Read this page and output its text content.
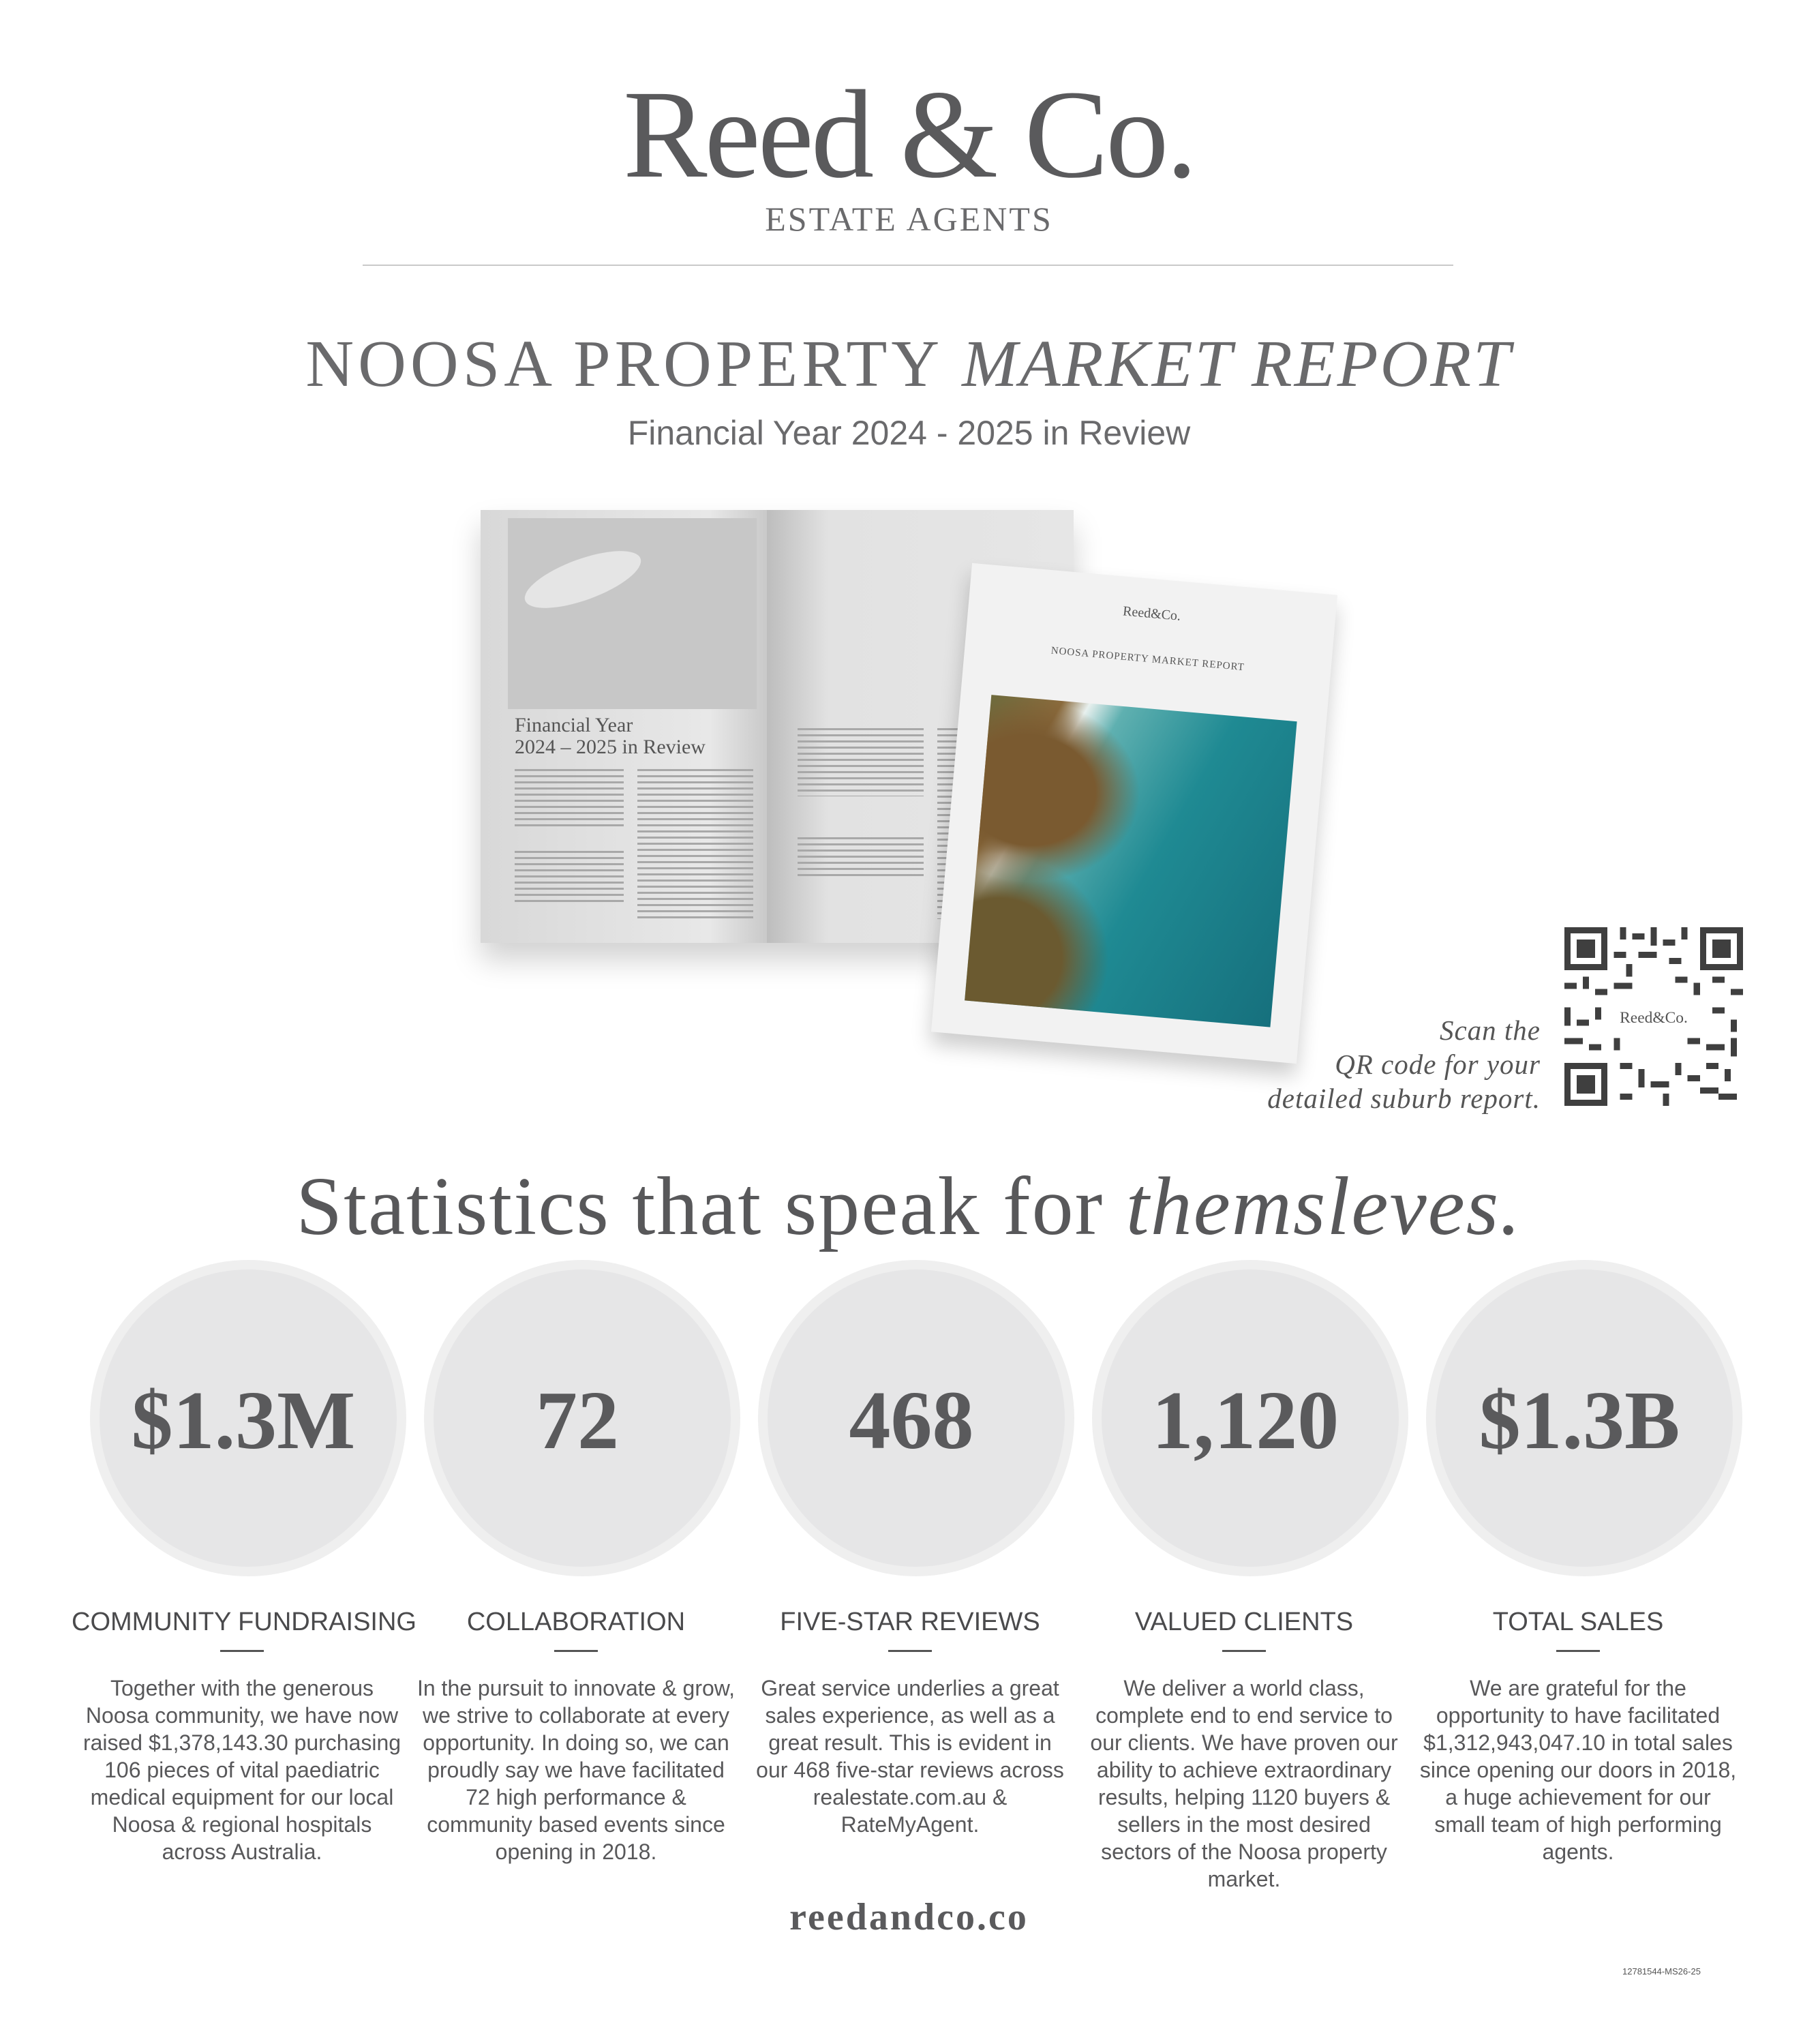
Reed & Co.
ESTATE AGENTS
NOOSA PROPERTY MARKET REPORT
Financial Year 2024 - 2025 in Review
Financial Year
2024 – 2025 in Review
Reed&Co.
NOOSA PROPERTY MARKET REPORT
Scan the
QR code for your
detailed suburb report.
Reed&Co.
Statistics that speak for themsleves.
$1.3M
COMMUNITY FUNDRAISING
Together with the generous Noosa community, we have now raised $1,378,143.30 purchasing 106 pieces of vital paediatric medical equipment for our local Noosa & regional hospitals across Australia.
72
COLLABORATION
In the pursuit to innovate & grow, we strive to collaborate at every opportunity. In doing so, we can proudly say we have facilitated 72 high performance & community based events since opening in 2018.
468
FIVE-STAR REVIEWS
Great service underlies a great sales experience, as well as a great result. This is evident in our 468 five-star reviews across realestate.com.au & RateMyAgent.
1,120
VALUED CLIENTS
We deliver a world class, complete end to end service to our clients. We have proven our ability to achieve extraordinary results, helping 1120 buyers & sellers in the most desired sectors of the Noosa property market.
$1.3B
TOTAL SALES
We are grateful for the opportunity to have facilitated $1,312,943,047.10 in total sales since opening our doors in 2018, a huge achievement for our small team of high performing agents.
reedandco.co
12781544-MS26-25
